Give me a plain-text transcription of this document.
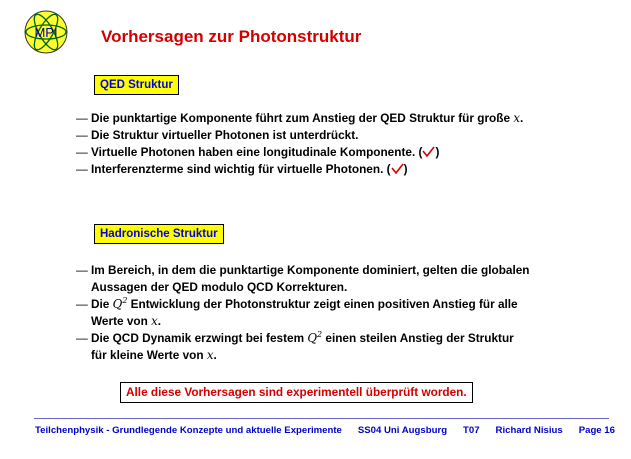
MPI	Vorhersagen zur Photonstruktur
QED Struktur
— Die punktartige Komponente führt zum Anstieg der QED Struktur für große x.
— Die Struktur virtueller Photonen ist unterdrückt.
— Virtuelle Photonen haben eine longitudinale Komponente. ( )
— Interferenzterme sind wichtig für virtuelle Photonen. ( )
Hadronische Struktur
— Im Bereich, in dem die punktartige Komponente dominiert, gelten die globalen
Aussagen der QED modulo QCD Korrekturen.
— Die $Q^2$ Entwicklung der Photonstruktur zeigt einen positiven Anstieg für alle
Werte von x.
— Die QCD Dynamik erzwingt bei festem $Q^2$ einen steilen Anstieg der Struktur
für kleine Werte von x.
Alle diese Vorhersagen sind experimentell überprüft worden.
Teilchenphysik - Grundlegende Konzepte und aktuelle Experimente SS04 Uni Augsburg T07 Richard Nisius Page 16
